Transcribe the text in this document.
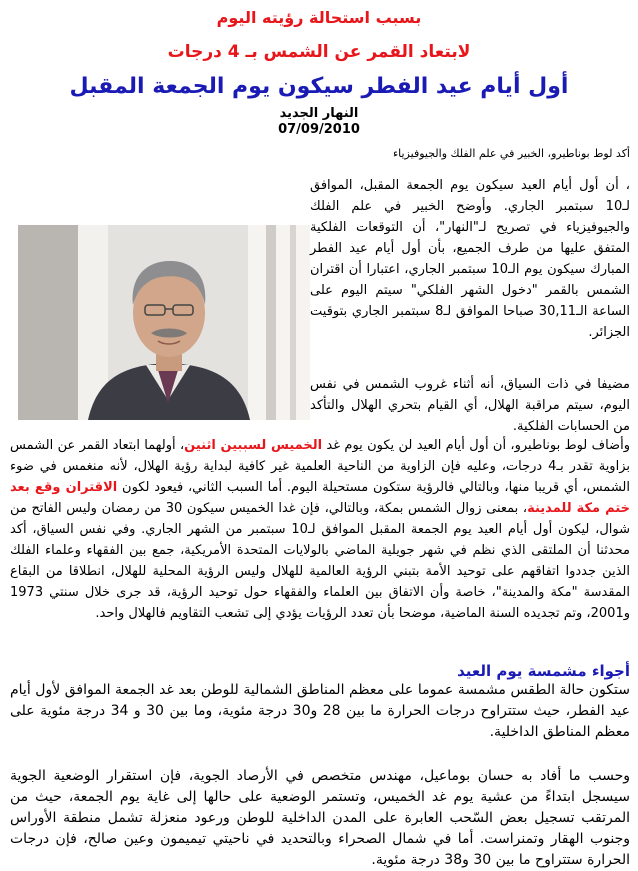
بسبب استحالة رؤيته اليوم
لابتعاد القمر عن الشمس بـ 4 درجات
أول أيام عيد الفطر سيكون يوم الجمعة المقبل
النهار الجديد
07/09/2010
أكد لوط بوناطيرو، الخبير في علم الفلك والجيوفيزياء
، أن أول أيام العيد سيكون يوم الجمعة المقبل، الموافق لـ10 سبتمبر الجاري. وأوضح الخبير في علم الفلك والجيوفيزياء في تصريح لـ"النهار"، أن التوقعات الفلكية المتفق عليها من طرف الجميع، بأن أول أيام عيد الفطر المبارك سيكون يوم الـ10 سبتمبر الجاري، اعتبارا أن اقتران الشمس بالقمر "دخول الشهر الفلكي" سيتم اليوم على الساعة الـ30,11 صباحا الموافق لـ8 سبتمبر الجاري بتوقيت الجزائر.
مضيفا في ذات السياق، أنه أثناء غروب الشمس في نفس اليوم، سيتم مراقبة الهلال، أي القيام بتحري الهلال والتأكد من الحسابات الفلكية.
وأضاف لوط بوناطيرو، أن أول أيام العيد لن يكون يوم غد الخميس لسببين اثنين، أولهما ابتعاد القمر عن الشمس بزاوية تقدر بـ4 درجات، وعليه فإن الزاوية من الناحية العلمية غير كافية لبداية رؤية الهلال، لأنه منغمس في ضوء الشمس، أي قريبا منها، وبالتالي فالرؤية ستكون مستحيلة اليوم. أما السبب الثاني، فيعود لكون الاقتران وقع بعد ختم مكة للمدينة، بمعنى زوال الشمس بمكة، وبالتالي، فإن غدا الخميس سيكون 30 من رمضان وليس الفاتح من شوال، ليكون أول أيام العيد يوم الجمعة المقبل الموافق لـ10 سبتمبر من الشهر الجاري. وفي نفس السياق، أكد محدثنا أن الملتقى الذي نظم في شهر جويلية الماضي بالولايات المتحدة الأمريكية، جمع بين الفقهاء وعلماء الفلك الذين جددوا اتفاقهم على توحيد الأمة بتبني الرؤية العالمية للهلال وليس الرؤية المحلية للهلال، انطلاقا من البقاع المقدسة "مكة والمدينة"، خاصة وأن الاتفاق بين العلماء والفقهاء حول توحيد الرؤية، قد جرى خلال سنتي 1973 و2001، وتم تجديده السنة الماضية، موضحا بأن تعدد الرؤيات يؤدي إلى تشعب التقاويم فالهلال واحد.
أجواء مشمسة يوم العيد
ستكون حالة الطقس مشمسة عموما على معظم المناطق الشمالية للوطن بعد غد الجمعة الموافق لأول أيام عيد الفطر، حيث ستتراوح درجات الحرارة ما بين 28 و30 درجة مئوية، وما بين 30 و 34 درجة مئوية على معظم المناطق الداخلية.
وحسب ما أفاد به حسان بوماعيل، مهندس متخصص في الأرصاد الجوية، فإن استقرار الوضعية الجوية سيسجل ابتداءً من عشية يوم غد الخميس، وتستمر الوضعية على حالها إلى غاية يوم الجمعة، حيث من المرتقب تسجيل بعض السّحب العابرة على المدن الداخلية للوطن ورعود منعزلة تشمل منطقة الأوراس وجنوب الهقار وتمنراست. أما في شمال الصحراء وبالتحديد في ناحيتي تيميمون وعين صالح، فإن درجات الحرارة ستتراوح ما بين 30 و38 درجة مئوية.
